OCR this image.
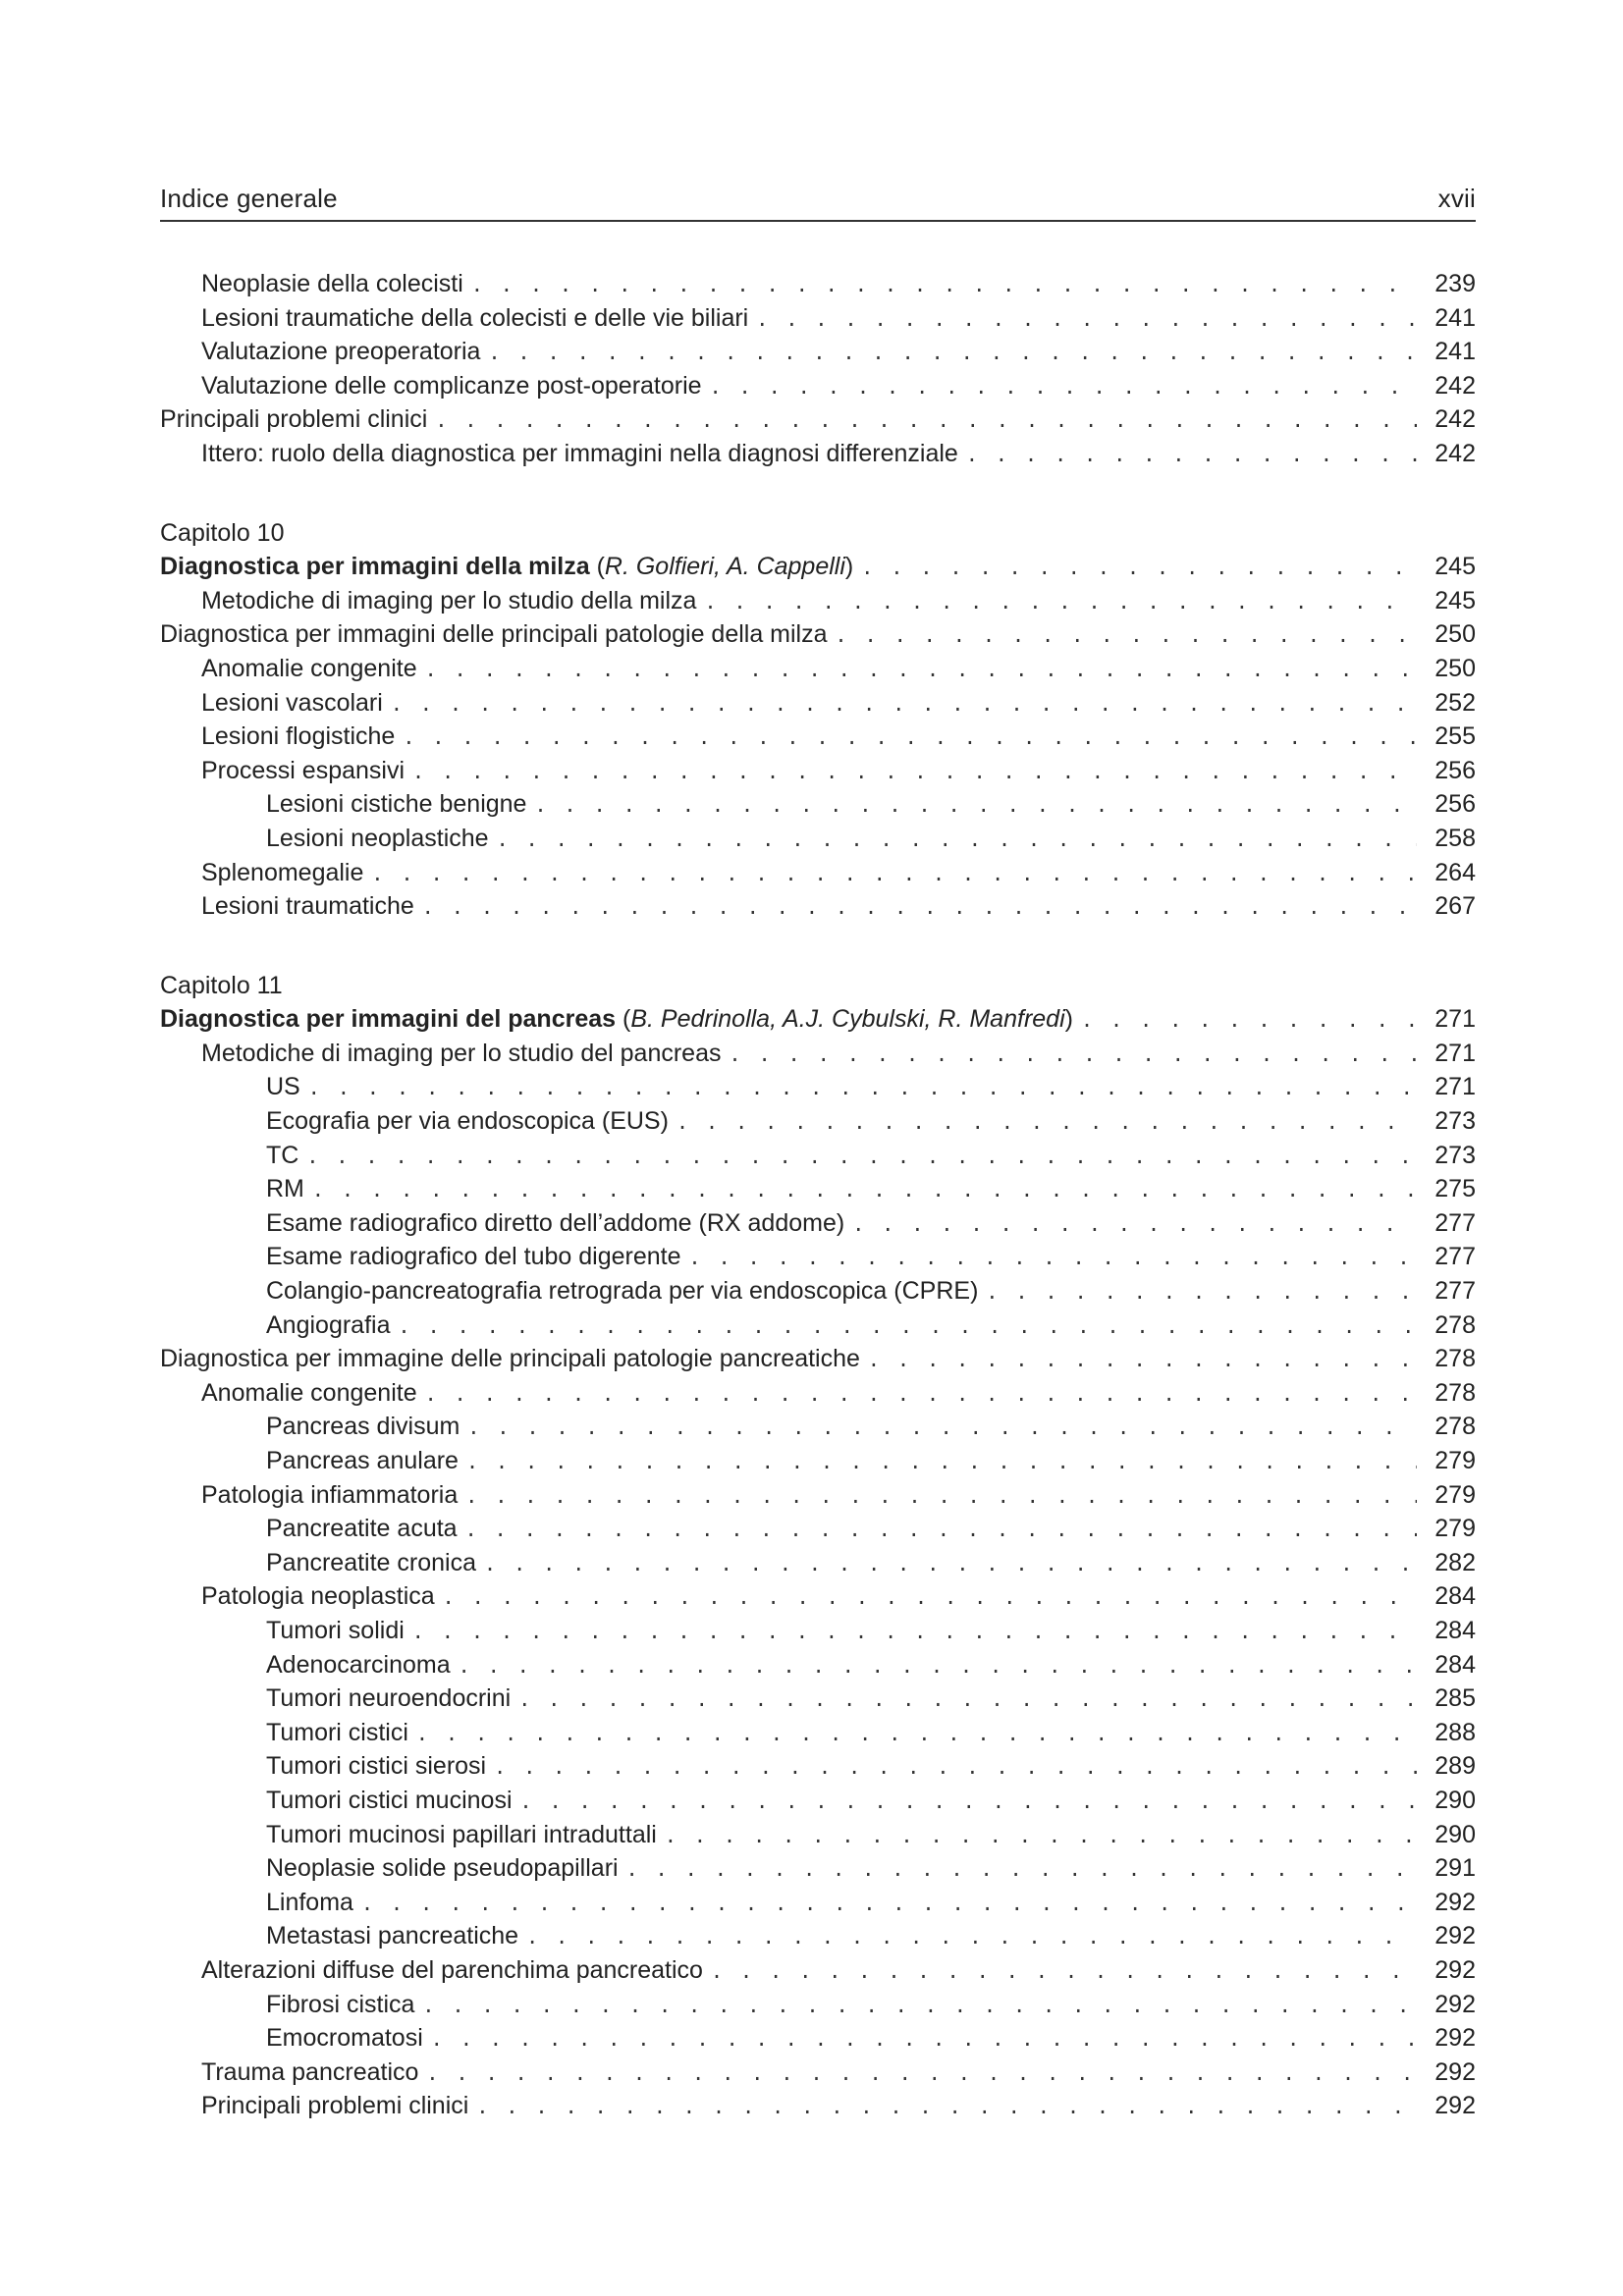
Indice generale	xvii
Neoplasie della colecisti . . .	239
Lesioni traumatiche della colecisti e delle vie biliari . . .	241
Valutazione preoperatoria . . .	241
Valutazione delle complicanze post-operatorie . . .	242
Principali problemi clinici . . .	242
Ittero: ruolo della diagnostica per immagini nella diagnosi differenziale . . .	242
Capitolo 10
Diagnostica per immagini della milza (R. Golfieri, A. Cappelli) . . .	245
Metodiche di imaging per lo studio della milza . . .	245
Diagnostica per immagini delle principali patologie della milza . . .	250
Anomalie congenite . . .	250
Lesioni vascolari . . .	252
Lesioni flogistiche . . .	255
Processi espansivi . . .	256
Lesioni cistiche benigne . . .	256
Lesioni neoplastiche . . .	258
Splenomegalie . . .	264
Lesioni traumatiche . . .	267
Capitolo 11
Diagnostica per immagini del pancreas (B. Pedrinolla, A.J. Cybulski, R. Manfredi) . . .	271
Metodiche di imaging per lo studio del pancreas . . .	271
US . . .	271
Ecografia per via endoscopica (EUS) . . .	273
TC . . .	273
RM . . .	275
Esame radiografico diretto dell’addome (RX addome) . . .	277
Esame radiografico del tubo digerente . . .	277
Colangio-pancreatografia retrograda per via endoscopica (CPRE) . . .	277
Angiografia . . .	278
Diagnostica per immagine delle principali patologie pancreatiche . . .	278
Anomalie congenite . . .	278
Pancreas divisum . . .	278
Pancreas anulare . . .	279
Patologia infiammatoria . . .	279
Pancreatite acuta . . .	279
Pancreatite cronica . . .	282
Patologia neoplastica . . .	284
Tumori solidi . . .	284
Adenocarcinoma . . .	284
Tumori neuroendocrini . . .	285
Tumori cistici . . .	288
Tumori cistici sierosi . . .	289
Tumori cistici mucinosi . . .	290
Tumori mucinosi papillari intraduttali . . .	290
Neoplasie solide pseudopapillari . . .	291
Linfoma . . .	292
Metastasi pancreatiche . . .	292
Alterazioni diffuse del parenchima pancreatico . . .	292
Fibrosi cistica . . .	292
Emocromatosi . . .	292
Trauma pancreatico . . .	292
Principali problemi clinici . . .	292
